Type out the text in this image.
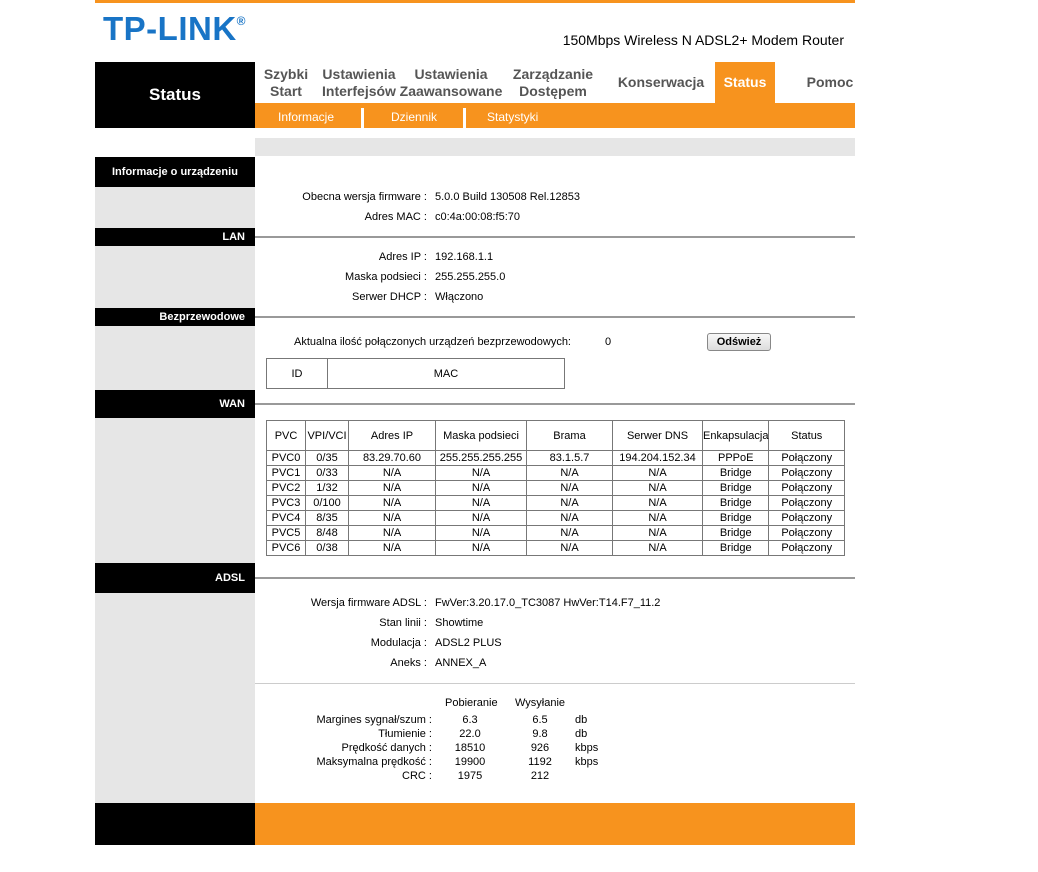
TP-LINK®
150Mbps Wireless N ADSL2+ Modem Router
Status
Szybki
Start
Ustawienia
Interfejsów
Ustawienia
Zaawansowane
Zarządzanie
Dostępem
Konserwacja Status	Pomoc
Informacje	Dziennik	Statystyki
Informacje o urządzeniu
Obecna wersja firmware : 5.0.0 Build 130508 Rel.12853
Adres MAC : c0:4a:00:08:f5:70
LAN
Adres IP : 192.168.1.1
Maska podsieci : 255.255.255.0
Serwer DHCP : Włączono
Bezprzewodowe
Aktualna ilość połączonych urządzeń bezprzewodowych:	0	Odśwież
ID	MAC
WAN
PVC	VPI/VCI	Adres IP	Maska podsieci	Brama	Serwer DNS	Enkapsulacja	Status
PVC0	0/35	83.29.70.60	255.255.255.255	83.1.5.7	194.204.152.34	PPPoE	Połączony
PVC1	0/33	N/A	N/A	N/A	N/A	Bridge	Połączony
PVC2	1/32	N/A	N/A	N/A	N/A	Bridge	Połączony
PVC3	0/100	N/A	N/A	N/A	N/A	Bridge	Połączony
PVC4	8/35	N/A	N/A	N/A	N/A	Bridge	Połączony
PVC5	8/48	N/A	N/A	N/A	N/A	Bridge	Połączony
PVC6	0/38	N/A	N/A	N/A	N/A	Bridge	Połączony
ADSL
Wersja firmware ADSL : FwVer:3.20.17.0_TC3087 HwVer:T14.F7_11.2
Stan linii : Showtime
Modulacja : ADSL2 PLUS
Aneks : ANNEX_A
Pobieranie Wysyłanie
Margines sygnał/szum :	6.3	6.5	db
Tłumienie :	22.0	9.8	db
Prędkość danych :	18510	926	kbps
Maksymalna prędkość :	19900	1192	kbps
CRC :	1975	212
